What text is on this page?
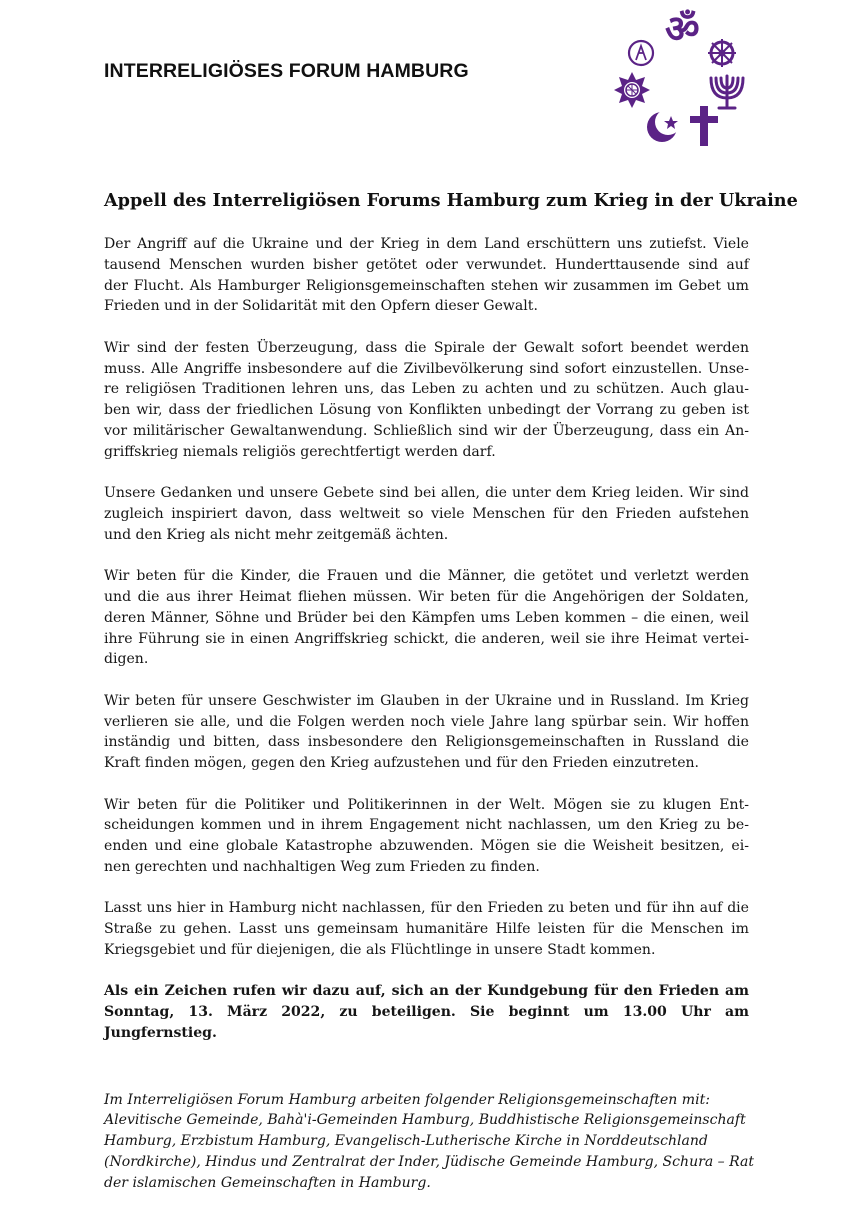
INTERRELIGIÖSES FORUM HAMBURG
ॐ
Appell des Interreligiösen Forums Hamburg zum Krieg in der Ukraine

Der Angriff auf die Ukraine und der Krieg in dem Land erschüttern uns zutiefst. Viele
tausend Menschen wurden bisher getötet oder verwundet. Hunderttausende sind auf
der Flucht. Als Hamburger Religionsgemeinschaften stehen wir zusammen im Gebet um
Frieden und in der Solidarität mit den Opfern dieser Gewalt.

Wir sind der festen Überzeugung, dass die Spirale der Gewalt sofort beendet werden
muss. Alle Angriffe insbesondere auf die Zivilbevölkerung sind sofort einzustellen. Unse-
re religiösen Traditionen lehren uns, das Leben zu achten und zu schützen. Auch glau-
ben wir, dass der friedlichen Lösung von Konflikten unbedingt der Vorrang zu geben ist
vor militärischer Gewaltanwendung. Schließlich sind wir der Überzeugung, dass ein An-
griffskrieg niemals religiös gerechtfertigt werden darf.

Unsere Gedanken und unsere Gebete sind bei allen, die unter dem Krieg leiden. Wir sind
zugleich inspiriert davon, dass weltweit so viele Menschen für den Frieden aufstehen
und den Krieg als nicht mehr zeitgemäß ächten.

Wir beten für die Kinder, die Frauen und die Männer, die getötet und verletzt werden
und die aus ihrer Heimat fliehen müssen. Wir beten für die Angehörigen der Soldaten,
deren Männer, Söhne und Brüder bei den Kämpfen ums Leben kommen – die einen, weil
ihre Führung sie in einen Angriffskrieg schickt, die anderen, weil sie ihre Heimat vertei-
digen.

Wir beten für unsere Geschwister im Glauben in der Ukraine und in Russland. Im Krieg
verlieren sie alle, und die Folgen werden noch viele Jahre lang spürbar sein. Wir hoffen
inständig und bitten, dass insbesondere den Religionsgemeinschaften in Russland die
Kraft finden mögen, gegen den Krieg aufzustehen und für den Frieden einzutreten.

Wir beten für die Politiker und Politikerinnen in der Welt. Mögen sie zu klugen Ent-
scheidungen kommen und in ihrem Engagement nicht nachlassen, um den Krieg zu be-
enden und eine globale Katastrophe abzuwenden. Mögen sie die Weisheit besitzen, ei-
nen gerechten und nachhaltigen Weg zum Frieden zu finden.

Lasst uns hier in Hamburg nicht nachlassen, für den Frieden zu beten und für ihn auf die
Straße zu gehen. Lasst uns gemeinsam humanitäre Hilfe leisten für die Menschen im
Kriegsgebiet und für diejenigen, die als Flüchtlinge in unsere Stadt kommen.

Als ein Zeichen rufen wir dazu auf, sich an der Kundgebung für den Frieden am
Sonntag, 13. März 2022, zu beteiligen. Sie beginnt um 13.00 Uhr am Jungfernstieg.

Im Interreligiösen Forum Hamburg arbeiten folgender Religionsgemeinschaften mit:
Alevitische Gemeinde, Bahà'i-Gemeinden Hamburg, Buddhistische Religionsgemeinschaft
Hamburg, Erzbistum Hamburg, Evangelisch-Lutherische Kirche in Norddeutschland
(Nordkirche), Hindus und Zentralrat der Inder, Jüdische Gemeinde Hamburg, Schura – Rat
der islamischen Gemeinschaften in Hamburg.
